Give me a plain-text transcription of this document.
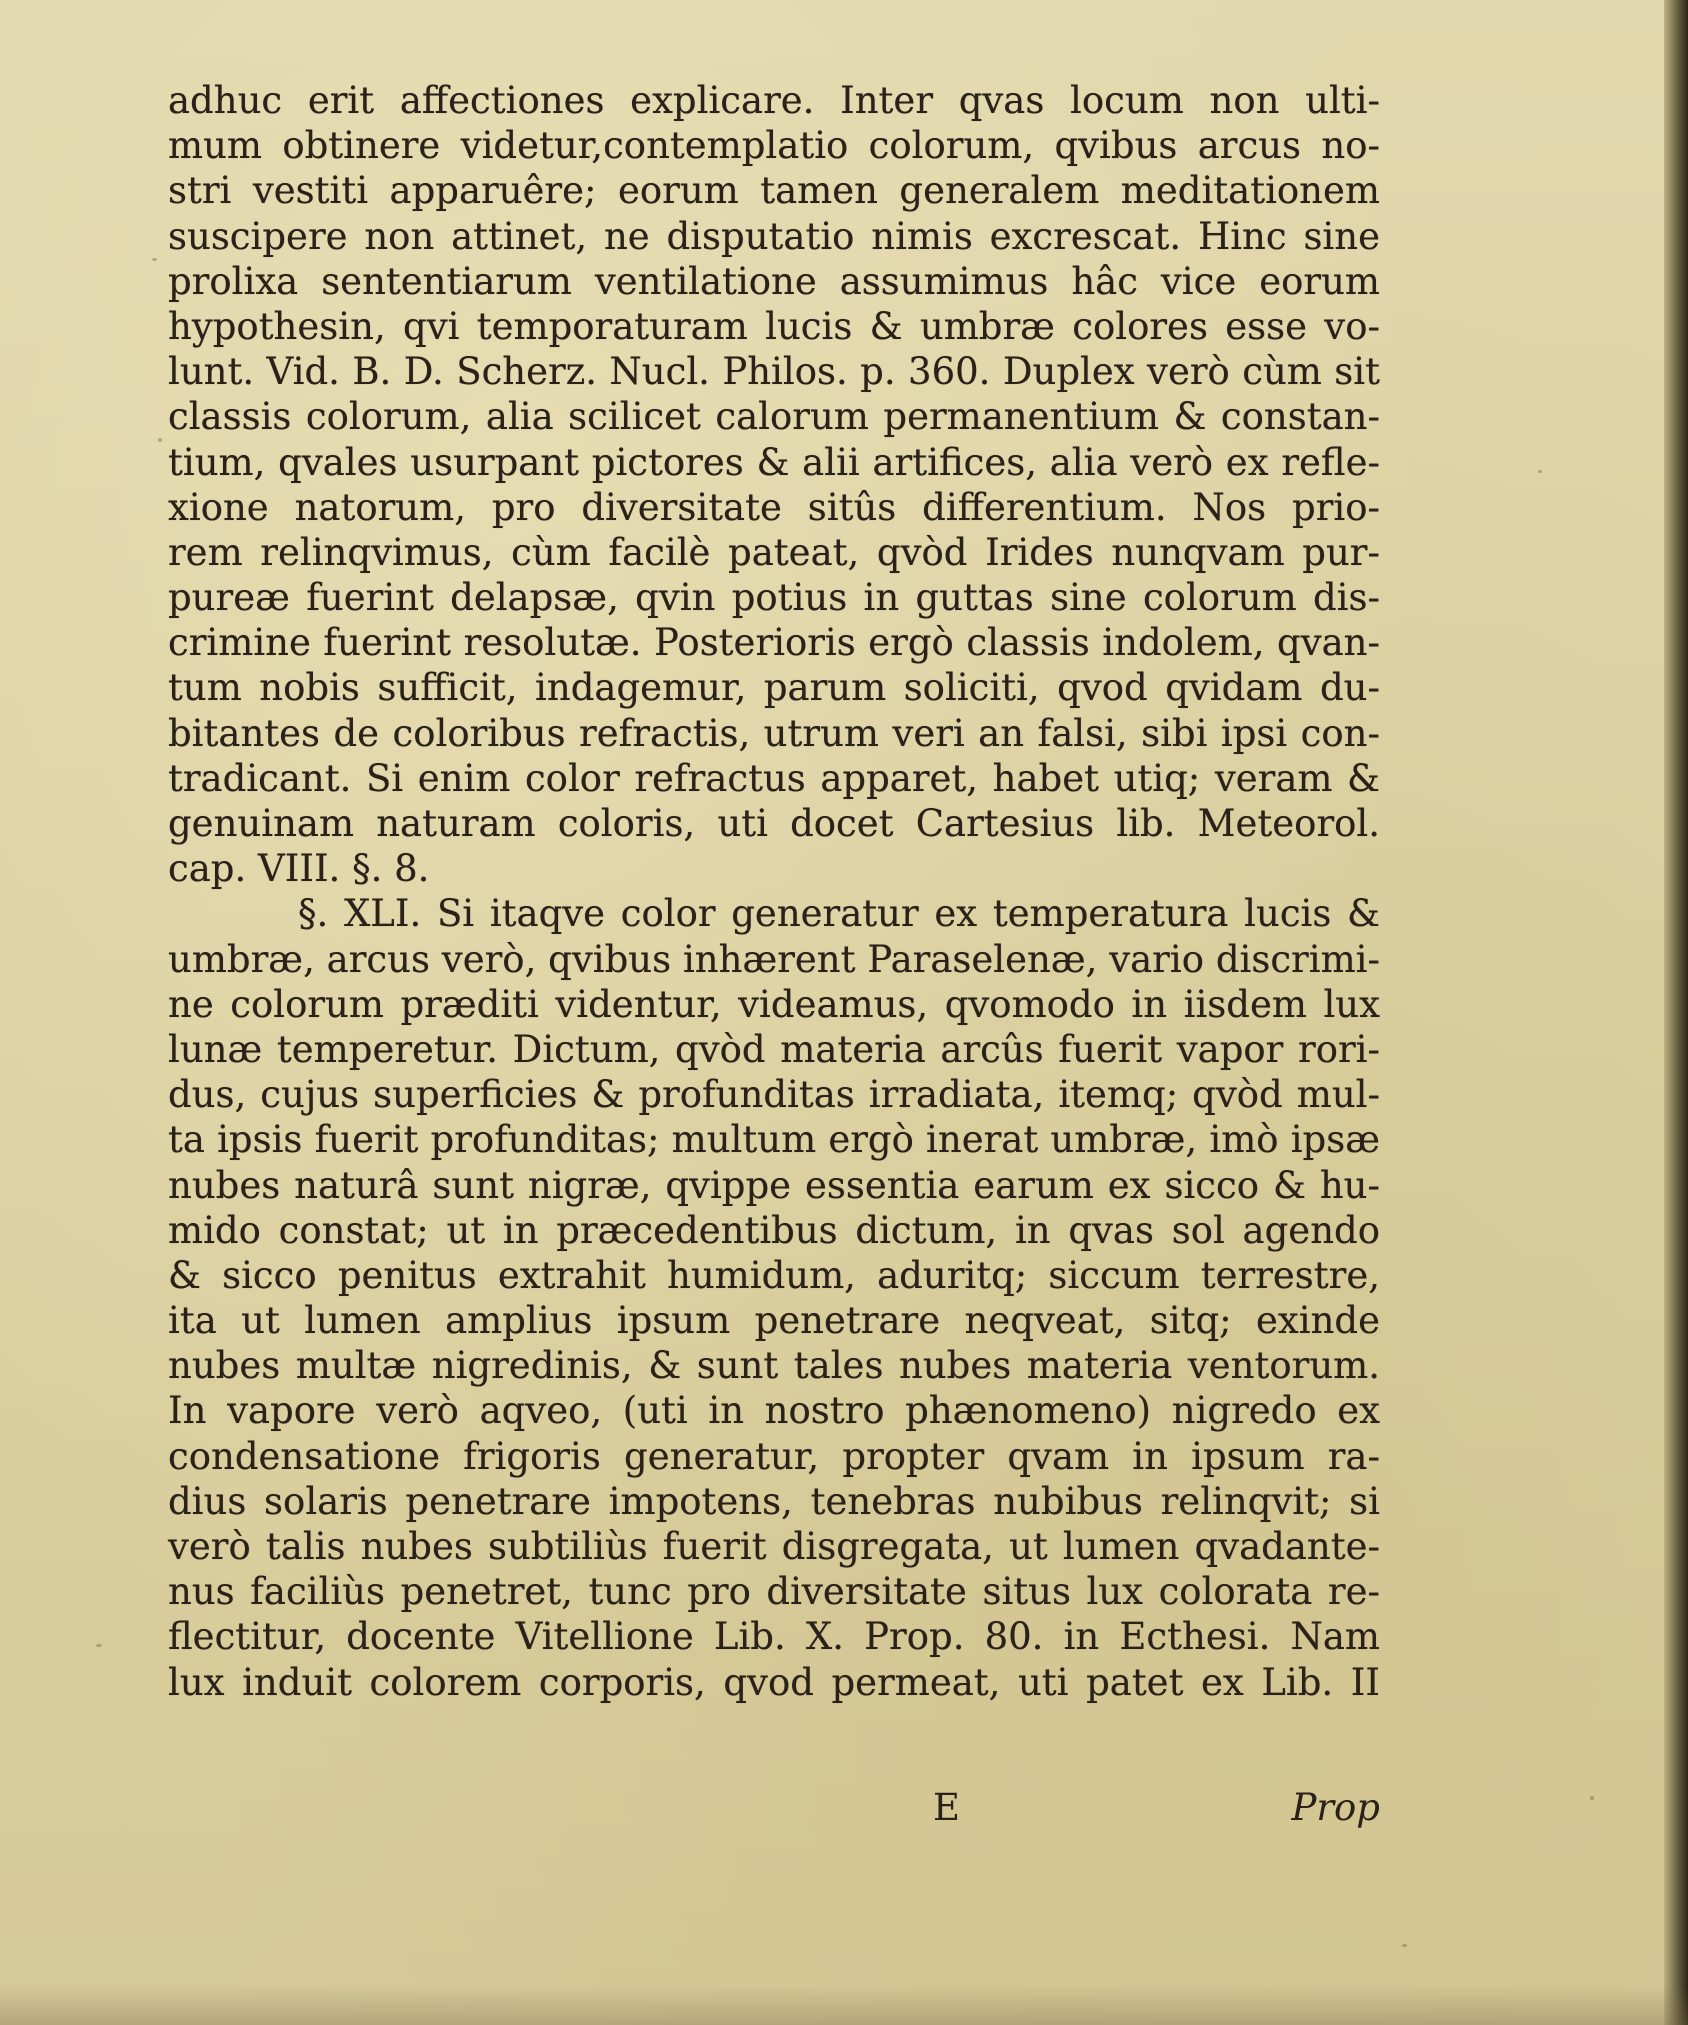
adhuc erit affectiones explicare. Inter qvas locum non ulti-
mum obtinere videtur,contemplatio colorum, qvibus arcus no-
stri vestiti apparuêre; eorum tamen generalem meditationem
suscipere non attinet, ne disputatio nimis excrescat. Hinc sine
prolixa sententiarum ventilatione assumimus hâc vice eorum
hypothesin, qvi temporaturam lucis & umbræ colores esse vo-
lunt. Vid. B. D. Scherz. Nucl. Philos. p. 360. Duplex verò cùm sit
classis colorum, alia scilicet calorum permanentium & constan-
tium, qvales usurpant pictores & alii artifices, alia verò ex refle-
xione natorum, pro diversitate sitûs differentium. Nos prio-
rem relinqvimus, cùm facilè pateat, qvòd Irides nunqvam pur-
pureæ fuerint delapsæ, qvin potius in guttas sine colorum dis-
crimine fuerint resolutæ. Posterioris ergò classis indolem, qvan-
tum nobis sufficit, indagemur, parum soliciti, qvod qvidam du-
bitantes de coloribus refractis, utrum veri an falsi, sibi ipsi con-
tradicant. Si enim color refractus apparet, habet utiq; veram &
genuinam naturam coloris, uti docet Cartesius lib. Meteorol.
cap. VIII. §. 8.
§. XLI. Si itaqve color generatur ex temperatura lucis &
umbræ, arcus verò, qvibus inhærent Paraselenæ, vario discrimi-
ne colorum præditi videntur, videamus, qvomodo in iisdem lux
lunæ temperetur. Dictum, qvòd materia arcûs fuerit vapor rori-
dus, cujus superficies & profunditas irradiata, itemq; qvòd mul-
ta ipsis fuerit profunditas; multum ergò inerat umbræ, imò ipsæ
nubes naturâ sunt nigræ, qvippe essentia earum ex sicco & hu-
mido constat; ut in præcedentibus dictum, in qvas sol agendo
& sicco penitus extrahit humidum, aduritq; siccum terrestre,
ita ut lumen amplius ipsum penetrare neqveat, sitq; exinde
nubes multæ nigredinis, & sunt tales nubes materia ventorum.
In vapore verò aqveo, (uti in nostro phænomeno) nigredo ex
condensatione frigoris generatur, propter qvam in ipsum ra-
dius solaris penetrare impotens, tenebras nubibus relinqvit; si
verò talis nubes subtiliùs fuerit disgregata, ut lumen qvadante-
nus faciliùs penetret, tunc pro diversitate situs lux colorata re-
flectitur, docente Vitellione Lib. X. Prop. 80. in Ecthesi. Nam
lux induit colorem corporis, qvod permeat, uti patet ex Lib. II
E	Prop
